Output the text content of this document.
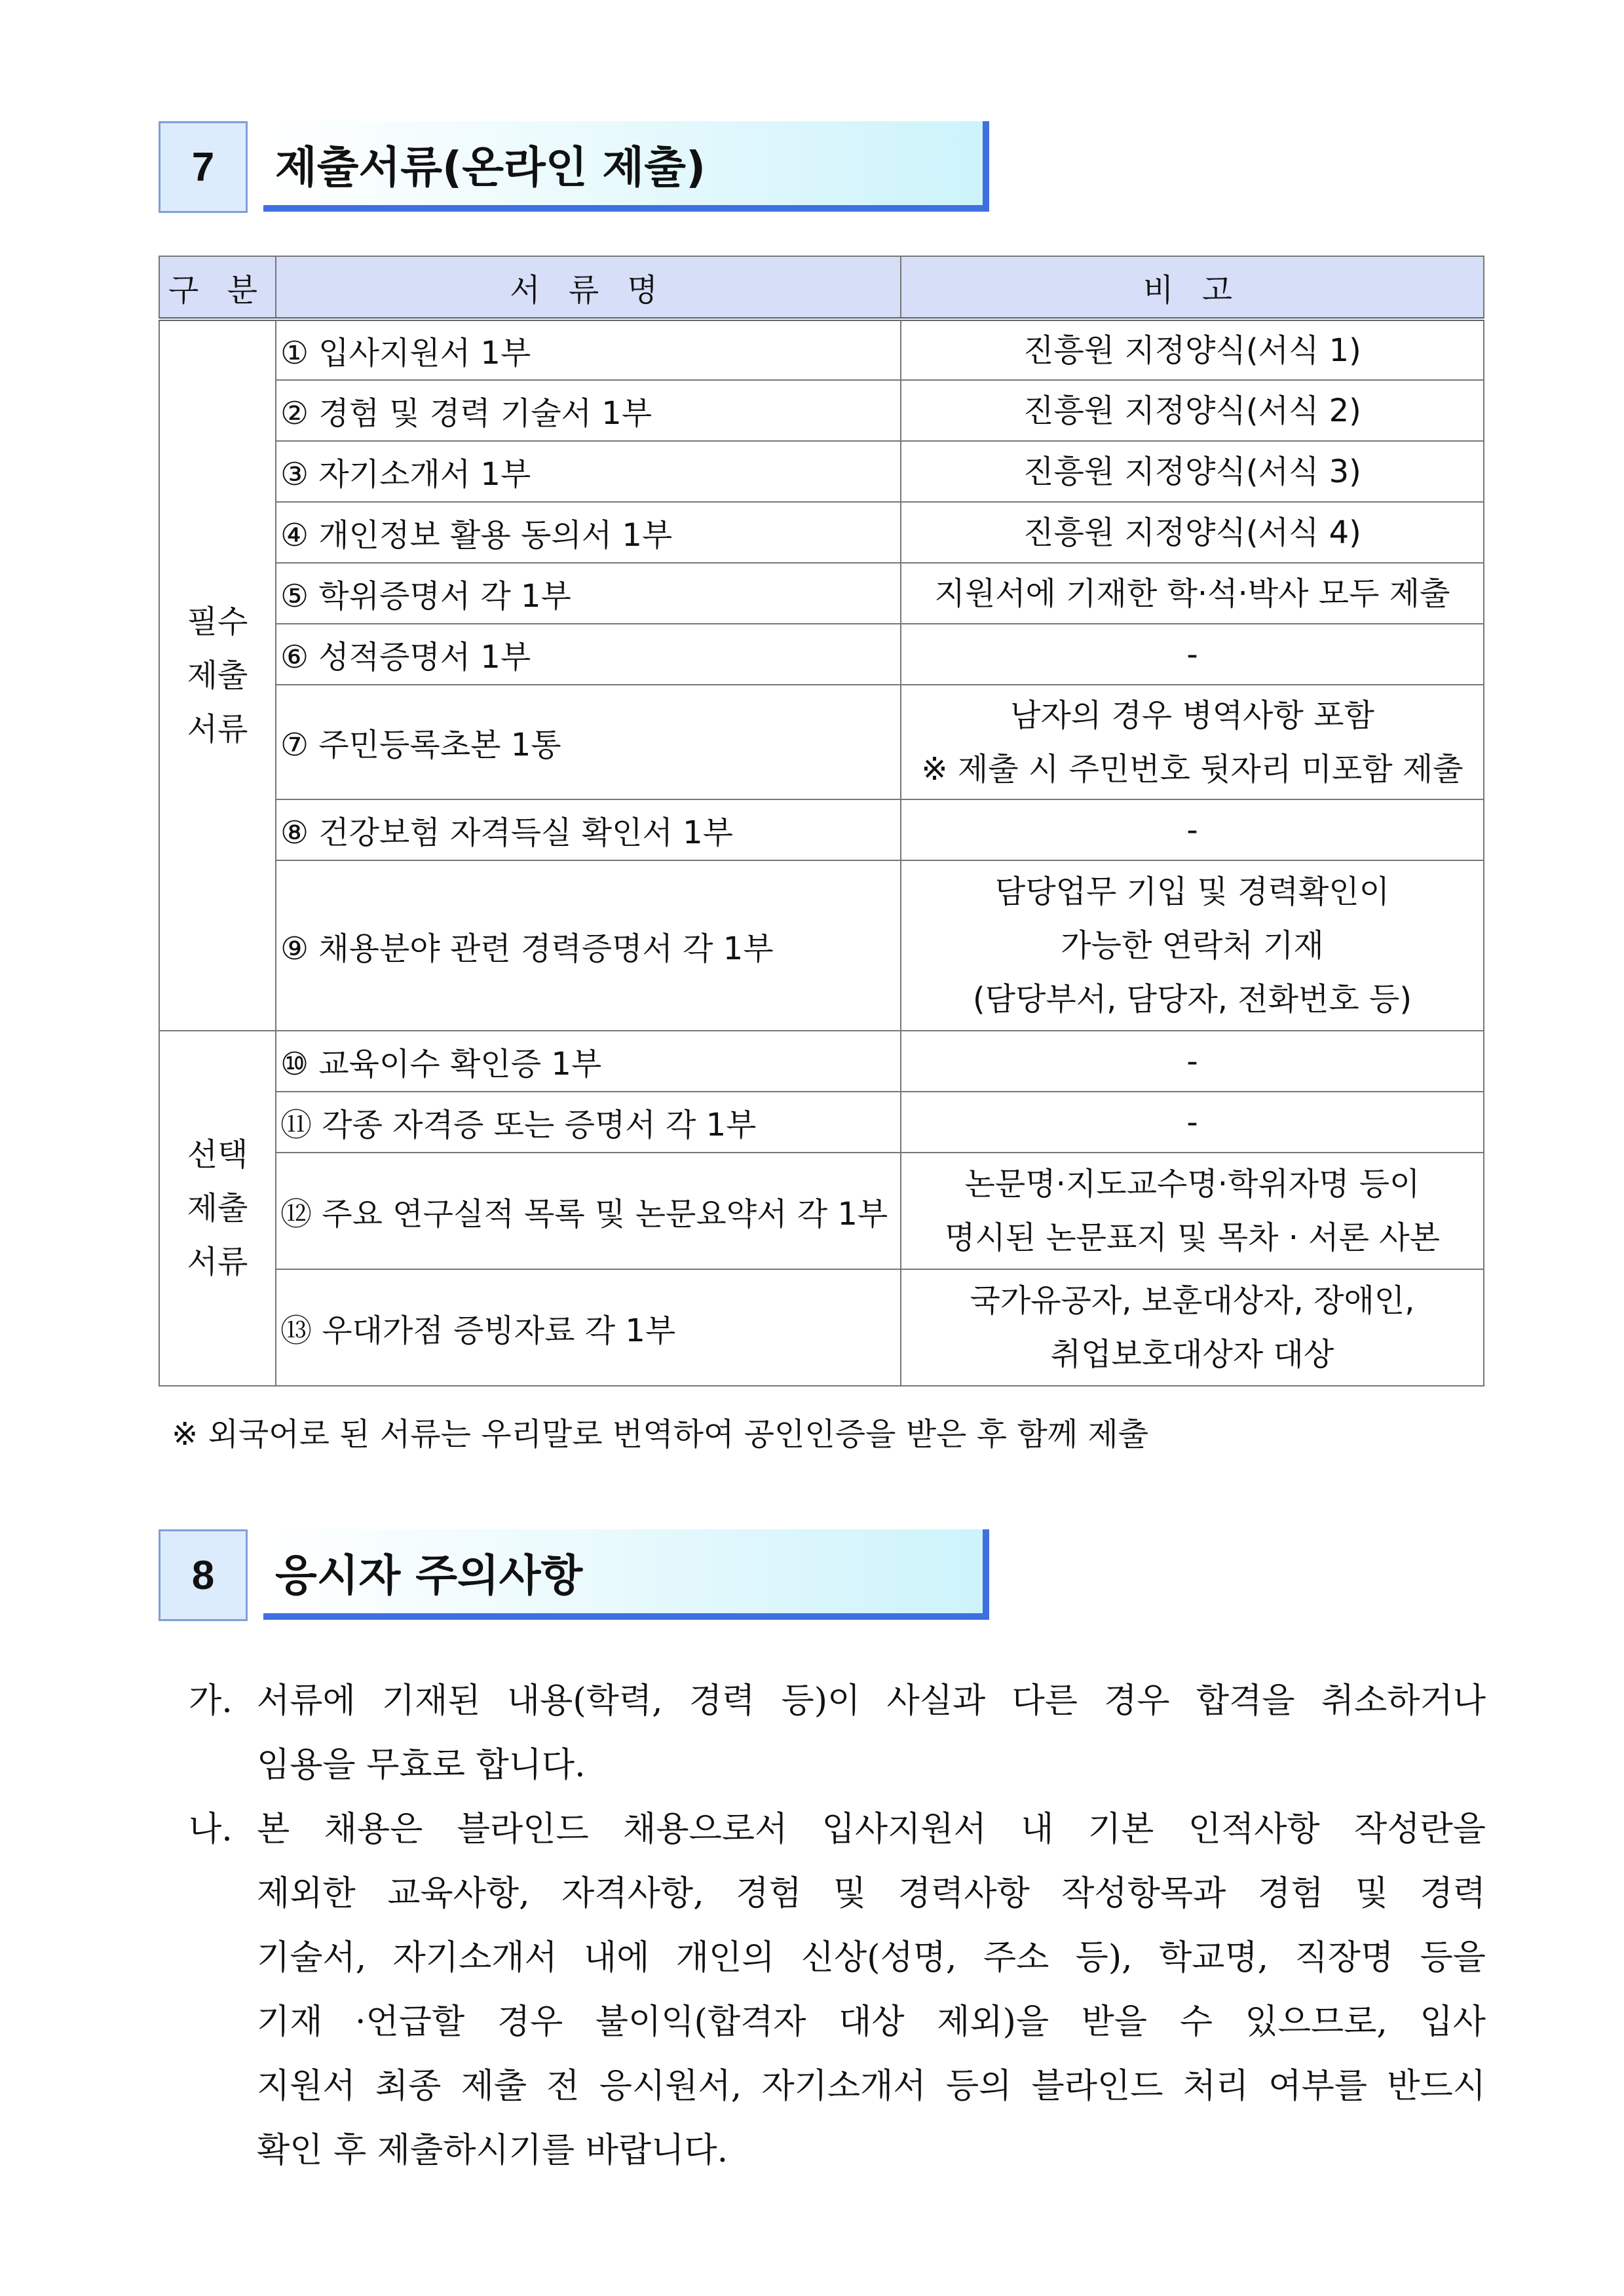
7	제출서류(온라인 제출)
구 분	서 류 명	비 고

필수
제출
서류	① 입사지원서 1부	진흥원 지정양식(서식 1)
	② 경험 및 경력 기술서 1부	진흥원 지정양식(서식 2)
	③ 자기소개서 1부	진흥원 지정양식(서식 3)
	④ 개인정보 활용 동의서 1부	진흥원 지정양식(서식 4)
	⑤ 학위증명서 각 1부	지원서에 기재한 학·석·박사 모두 제출
	⑥ 성적증명서 1부	-
	⑦ 주민등록초본 1통	남자의 경우 병역사항 포함
※ 제출 시 주민번호 뒷자리 미포함 제출

	⑧ 건강보험 자격득실 확인서 1부	-
	⑨ 채용분야 관련 경력증명서 각 1부	담당업무 기입 및 경력확인이
가능한 연락처 기재
(담당부서, 담당자, 전화번호 등)

선택
제출
서류	⑩ 교육이수 확인증 1부	-
	⑪ 각종 자격증 또는 증명서 각 1부	-
	⑫ 주요 연구실적 목록 및 논문요약서 각 1부	논문명·지도교수명·학위자명 등이
명시된 논문표지 및 목차 · 서론 사본

	⑬ 우대가점 증빙자료 각 1부	국가유공자, 보훈대상자, 장애인,
취업보호대상자 대상
※ 외국어로 된 서류는 우리말로 번역하여 공인인증을 받은 후 함께 제출
8	응시자 주의사항
가. 서류에 기재된 내용(학력, 경력 등)이 사실과 다른 경우 합격을 취소하거나
임용을 무효로 합니다.
나. 본 채용은 블라인드 채용으로서 입사지원서 내 기본 인적사항 작성란을
제외한 교육사항, 자격사항, 경험 및 경력사항 작성항목과 경험 및 경력
기술서, 자기소개서 내에 개인의 신상(성명, 주소 등), 학교명, 직장명 등을
기재 ·언급할 경우 불이익(합격자 대상 제외)을 받을 수 있으므로, 입사
지원서 최종 제출 전 응시원서, 자기소개서 등의 블라인드 처리 여부를 반드시
확인 후 제출하시기를 바랍니다.
